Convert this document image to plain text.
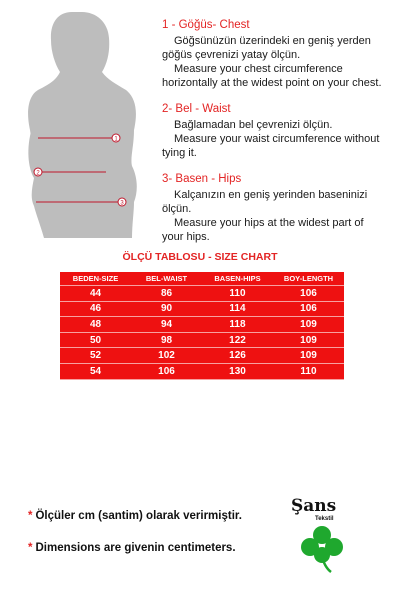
1
2
3

1 - Göğüs- Chest

Göğsünüzün üzerindeki en geniş yerden

göğüs çevrenizi yatay ölçün.

Measure your chest circumference

horizontally at the widest point on your chest.

2- Bel - Waist

Bağlamadan bel çevrenizi ölçün.

Measure your waist circumference without

tying it.

3- Basen - Hips

Kalçanızın en geniş yerinden baseninizi

ölçün.

Measure your hips at the widest part of

your hips.

ÖLÇÜ TABLOSU - SIZE CHART
BEDEN-SIZE	BEL-WAIST	BASEN-HIPS	BOY-LENGTH
44	86	110	106
46	90	114	106
48	94	118	109
50	98	122	109
52	102	126	109
54	106	130	110
* Ölçüler cm (santim) olarak verirmiştir.
* Dimensions are givenin centimeters.
Şans
Tekstil
